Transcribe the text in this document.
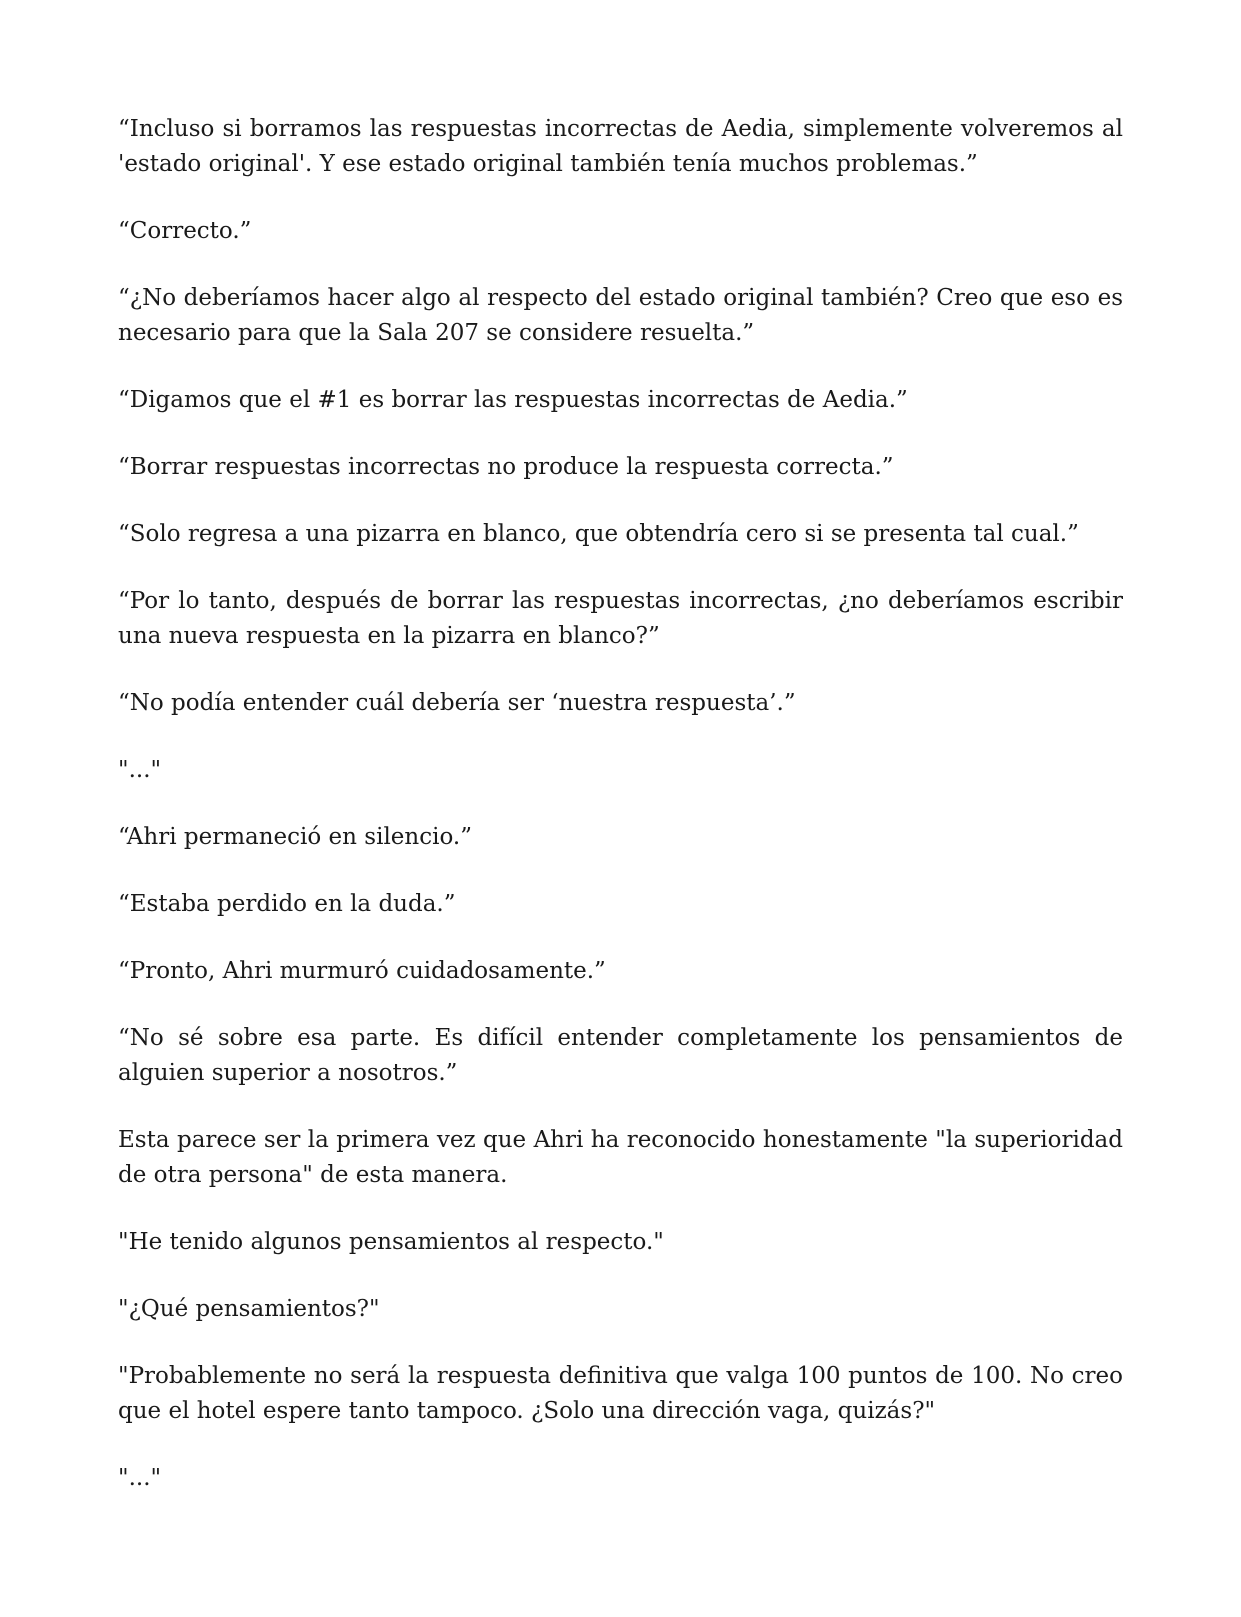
“Incluso si borramos las respuestas incorrectas de Aedia, simplemente volveremos al 'estado original'. Y ese estado original también tenía muchos problemas.”

“Correcto.”

“¿No deberíamos hacer algo al respecto del estado original también? Creo que eso es necesario para que la Sala 207 se considere resuelta.”

“Digamos que el #1 es borrar las respuestas incorrectas de Aedia.”

“Borrar respuestas incorrectas no produce la respuesta correcta.”

“Solo regresa a una pizarra en blanco, que obtendría cero si se presenta tal cual.”

“Por lo tanto, después de borrar las respuestas incorrectas, ¿no deberíamos escribir una nueva respuesta en la pizarra en blanco?”

“No podía entender cuál debería ser ‘nuestra respuesta’.”

"..."

“Ahri permaneció en silencio.”

“Estaba perdido en la duda.”

“Pronto, Ahri murmuró cuidadosamente.”

“No sé sobre esa parte. Es difícil entender completamente los pensamientos de alguien superior a nosotros.”

Esta parece ser la primera vez que Ahri ha reconocido honestamente "la superioridad de otra persona" de esta manera.

"He tenido algunos pensamientos al respecto."

"¿Qué pensamientos?"

"Probablemente no será la respuesta definitiva que valga 100 puntos de 100. No creo que el hotel espere tanto tampoco. ¿Solo una dirección vaga, quizás?"

"..."
